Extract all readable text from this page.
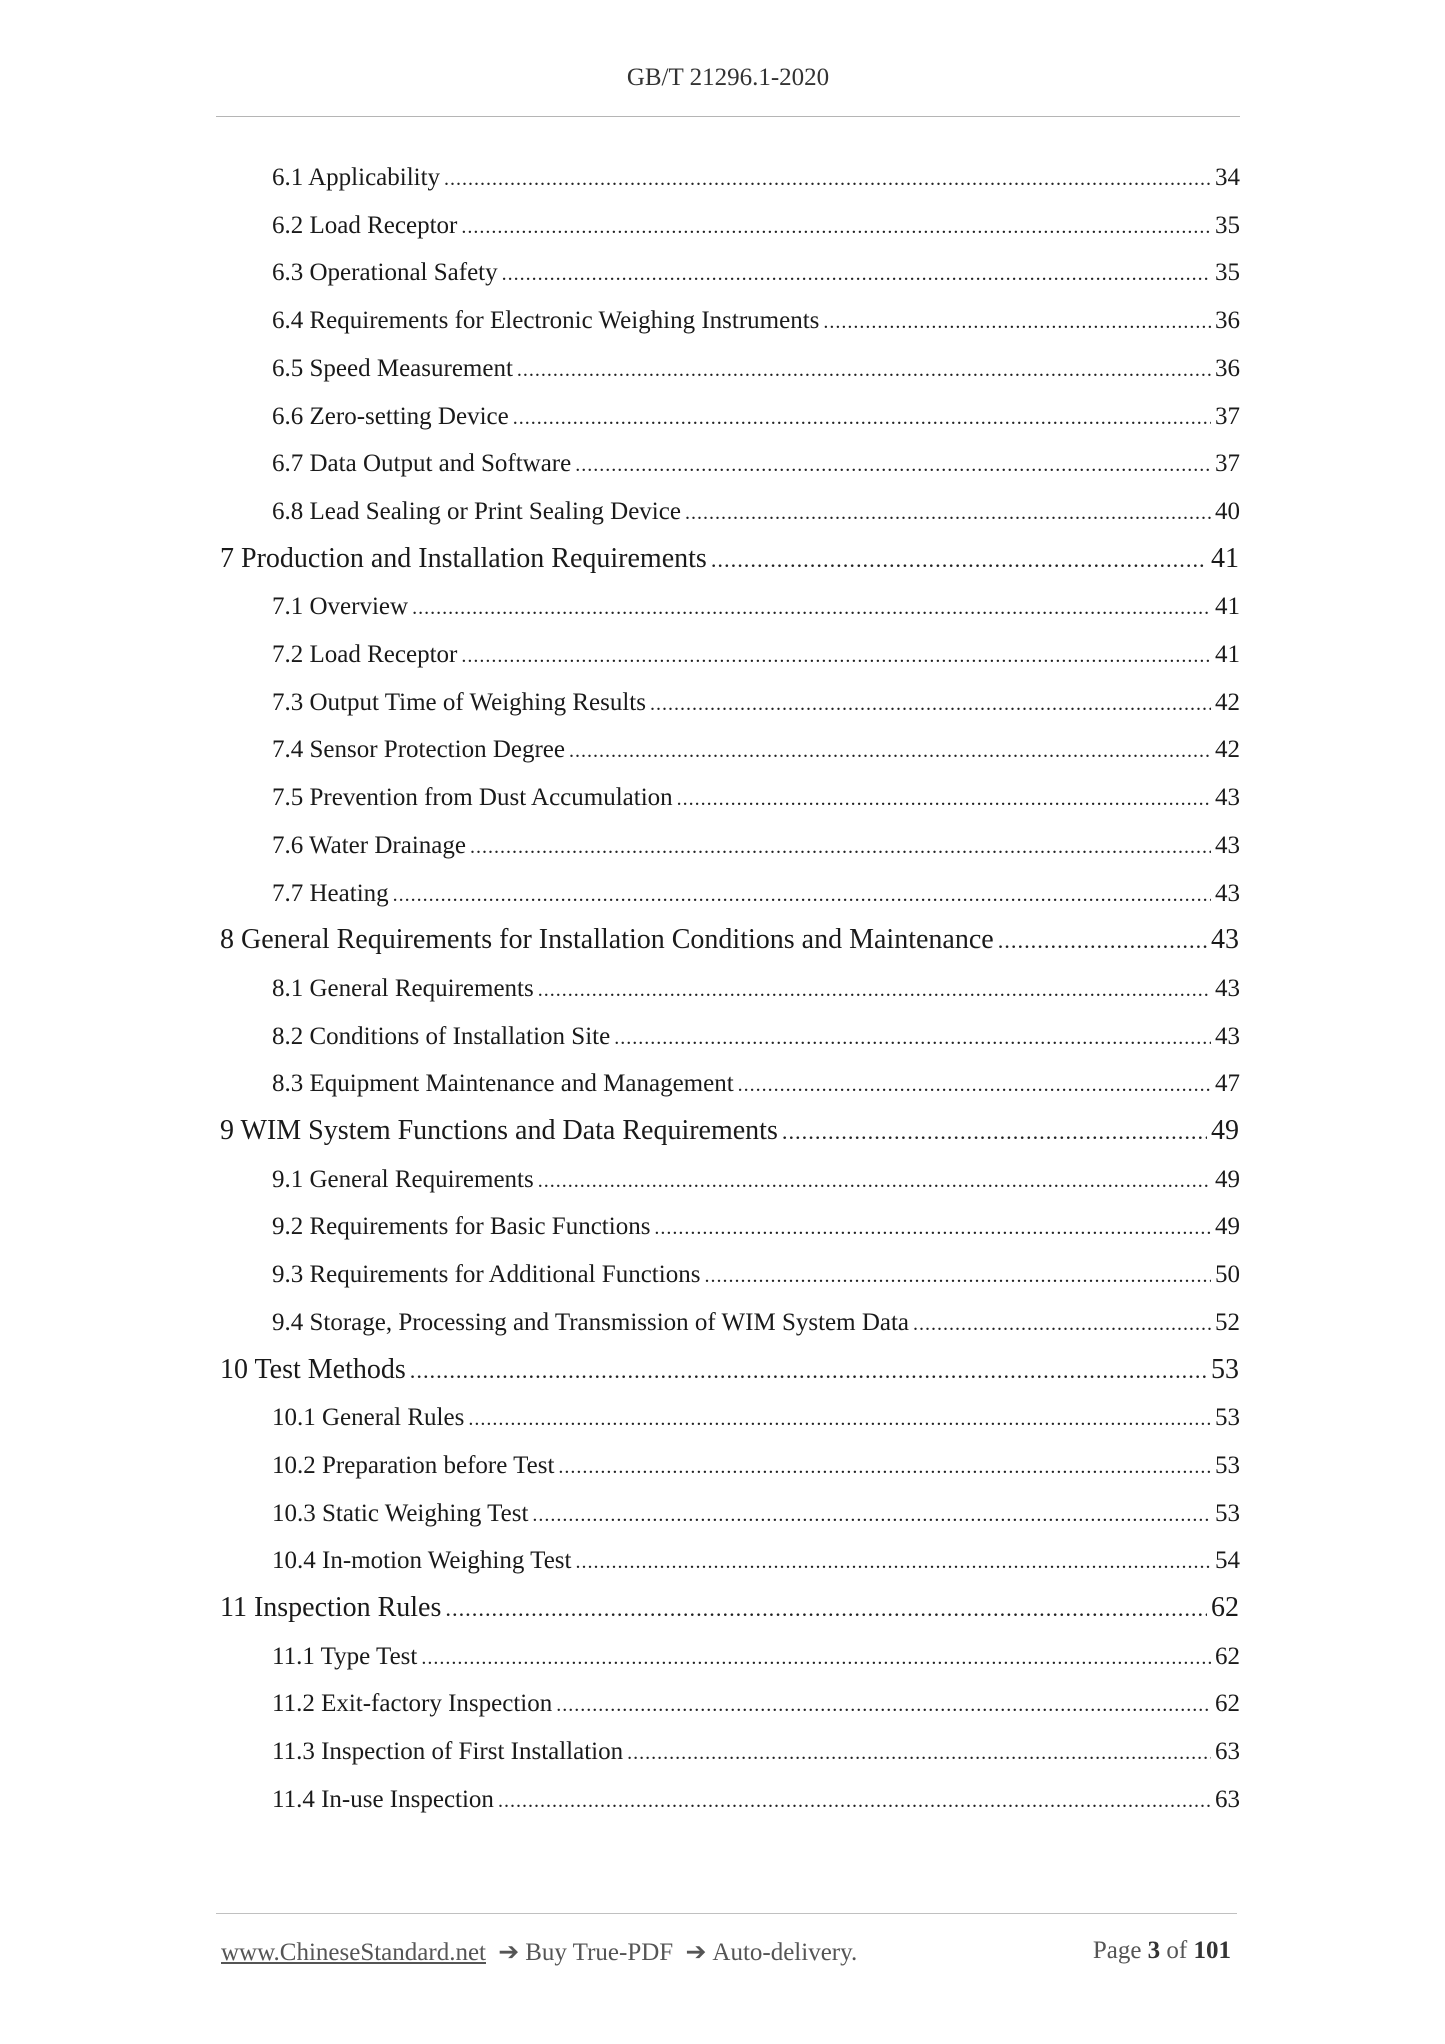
GB/T 21296.1-2020
6.1 Applicability .....	34
6.2 Load Receptor .....	35
6.3 Operational Safety .....	35
6.4 Requirements for Electronic Weighing Instruments .....	36
6.5 Speed Measurement .....	36
6.6 Zero-setting Device .....	37
6.7 Data Output and Software .....	37
6.8 Lead Sealing or Print Sealing Device .....	40
7 Production and Installation Requirements .....	41
7.1 Overview .....	41
7.2 Load Receptor .....	41
7.3 Output Time of Weighing Results .....	42
7.4 Sensor Protection Degree .....	42
7.5 Prevention from Dust Accumulation .....	43
7.6 Water Drainage .....	43
7.7 Heating .....	43
8 General Requirements for Installation Conditions and Maintenance .....	43
8.1 General Requirements .....	43
8.2 Conditions of Installation Site .....	43
8.3 Equipment Maintenance and Management .....	47
9 WIM System Functions and Data Requirements .....	49
9.1 General Requirements .....	49
9.2 Requirements for Basic Functions .....	49
9.3 Requirements for Additional Functions .....	50
9.4 Storage, Processing and Transmission of WIM System Data .....	52
10 Test Methods .....	53
10.1 General Rules .....	53
10.2 Preparation before Test .....	53
10.3 Static Weighing Test .....	53
10.4 In-motion Weighing Test .....	54
11 Inspection Rules .....	62
11.1 Type Test .....	62
11.2 Exit-factory Inspection .....	62
11.3 Inspection of First Installation .....	63
11.4 In-use Inspection .....	63
www.ChineseStandard.net ➔ Buy True-PDF ➔ Auto-delivery.	Page 3 of 101
